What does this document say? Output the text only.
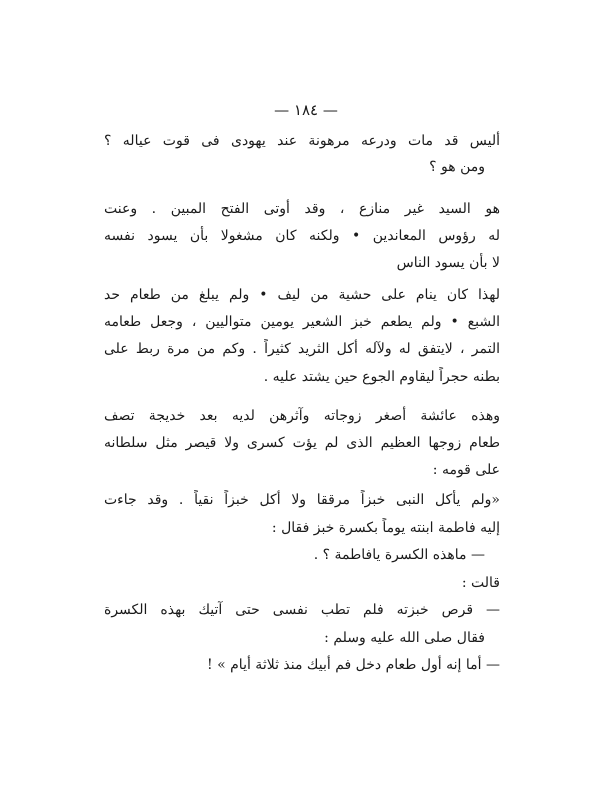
— ١٨٤ —
أليس قد مات ودرعه مرهونة عند يهودى فى قوت عياله ؟
ومن هو ؟
هو السيد غير منازع ، وقد أوتى الفتح المبين . وعنت
له رؤوس المعاندين • ولكنه كان مشغولا بأن يسود نفسه
لا بأن يسود الناس
لهذا كان ينام على حشية من ليف • ولم يبلغ من طعام حد
الشبع • ولم يطعم خبز الشعير يومين متواليين ، وجعل طعامه
التمر ، لايتفق له ولآله أكل الثريد كثيراً . وكم من مرة ربط على
بطنه حجراً ليقاوم الجوع حين يشتد عليه .
وهذه عائشة أصغر زوجاته وآثرهن لديه بعد خديجة تصف
طعام زوجها العظيم الذى لم يؤت كسرى ولا قيصر مثل سلطانه
على قومه :
«ولم يأكل النبى خبزاً مرققا ولا أكل خبزاً نقياً . وقد جاءت
إليه فاطمة ابنته يوماً بكسرة خبز فقال :
— ماهذه الكسرة يافاطمة ؟ .
قالت :
— قرص خبزته فلم تطب نفسى حتى آتيك بهذه الكسرة
فقال صلى الله عليه وسلم :
— أما إنه أول طعام دخل فم أبيك منذ ثلاثة أيام » !
